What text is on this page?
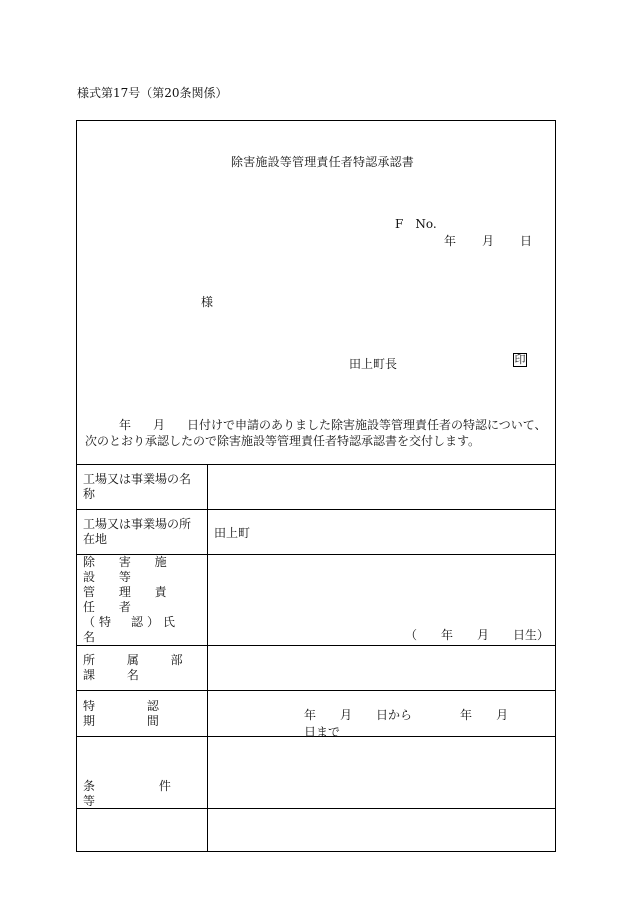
様式第17号（第20条関係）
除害施設等管理責任者特認承認書
F No.
年 月 日
様
田上町長	印
年 月 日付けで申請のありました除害施設等管理責任者の特認について、次のとおり承認したので除害施設等管理責任者特認承認書を交付します。
工場又は事業場の名称	
工場又は事業場の所在地	田上町

除 害 施 設 等
管 理 責 任 者
（特　認）氏　名	（　　年　　月　　日生）

所 属 部 課 名	
特 認 期 間	年 月 日から 年 月日まで

条 件 等	
